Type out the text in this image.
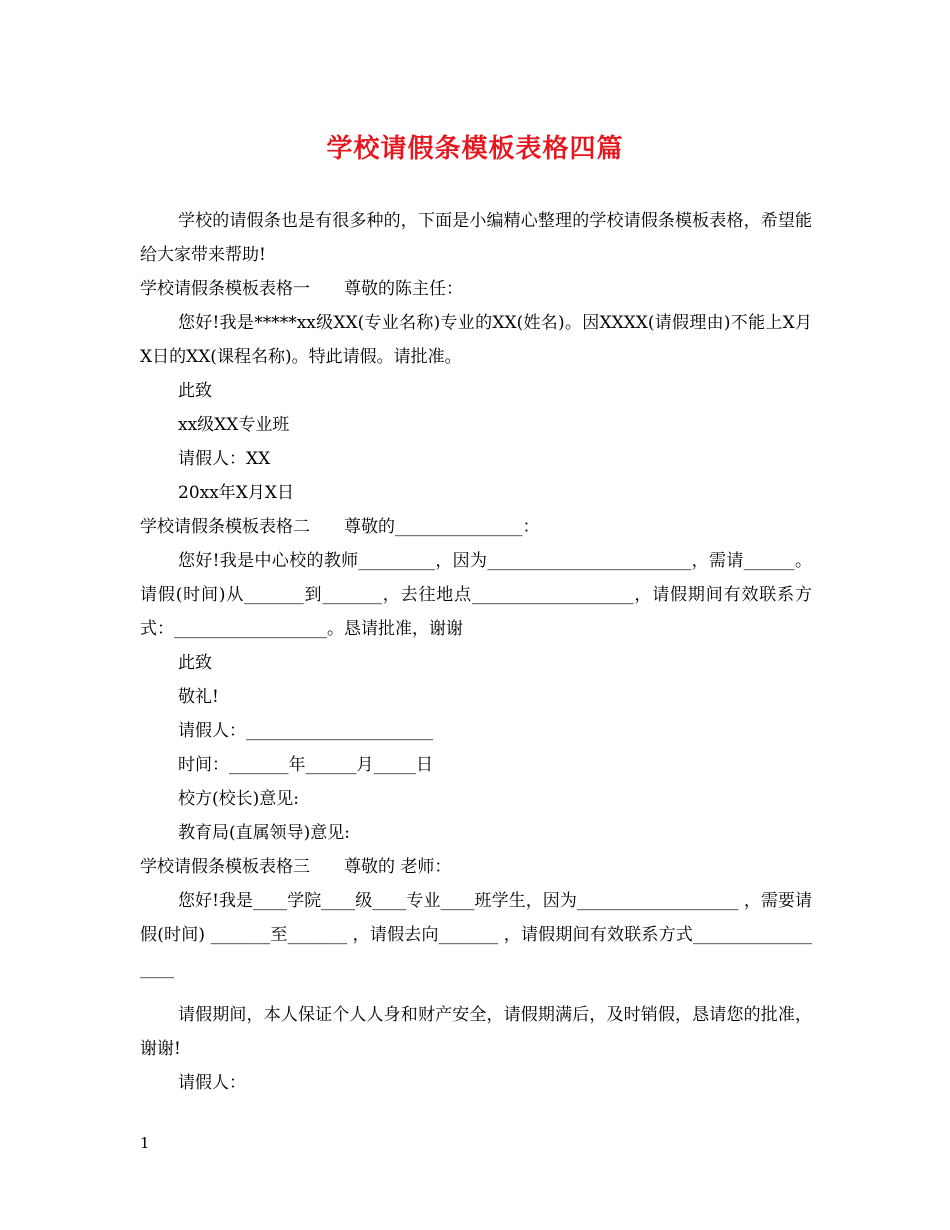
学校请假条模板表格四篇

学校的请假条也是有很多种的，下面是小编精心整理的学校请假条模板表格，希望能给大家带来帮助!

学校请假条模板表格一　　尊敬的陈主任：

您好!我是*****xx级XX(专业名称)专业的XX(姓名)。因XXXX(请假理由)不能上X月X日的XX(课程名称)。特此请假。请批准。

此致

xx级XX专业班

请假人：XX

20xx年X月X日

学校请假条模板表格二　　尊敬的_______________：

您好!我是中心校的教师_________，因为________________________，需请______。请假(时间)从_______到_______，去往地点___________________，请假期间有效联系方式：__________________。恳请批准，谢谢

此致

敬礼!

请假人：______________________

时间：_______年______月_____日

校方(校长)意见:

教育局(直属领导)意见:

学校请假条模板表格三　　尊敬的 老师：

您好!我是____学院____级____专业____班学生，因为___________________ ，需要请假(时间) _______至_______ ，请假去向_______ ，请假期间有效联系方式__________________

请假期间，本人保证个人人身和财产安全，请假期满后，及时销假，恳请您的批准，谢谢!

请假人：

1
